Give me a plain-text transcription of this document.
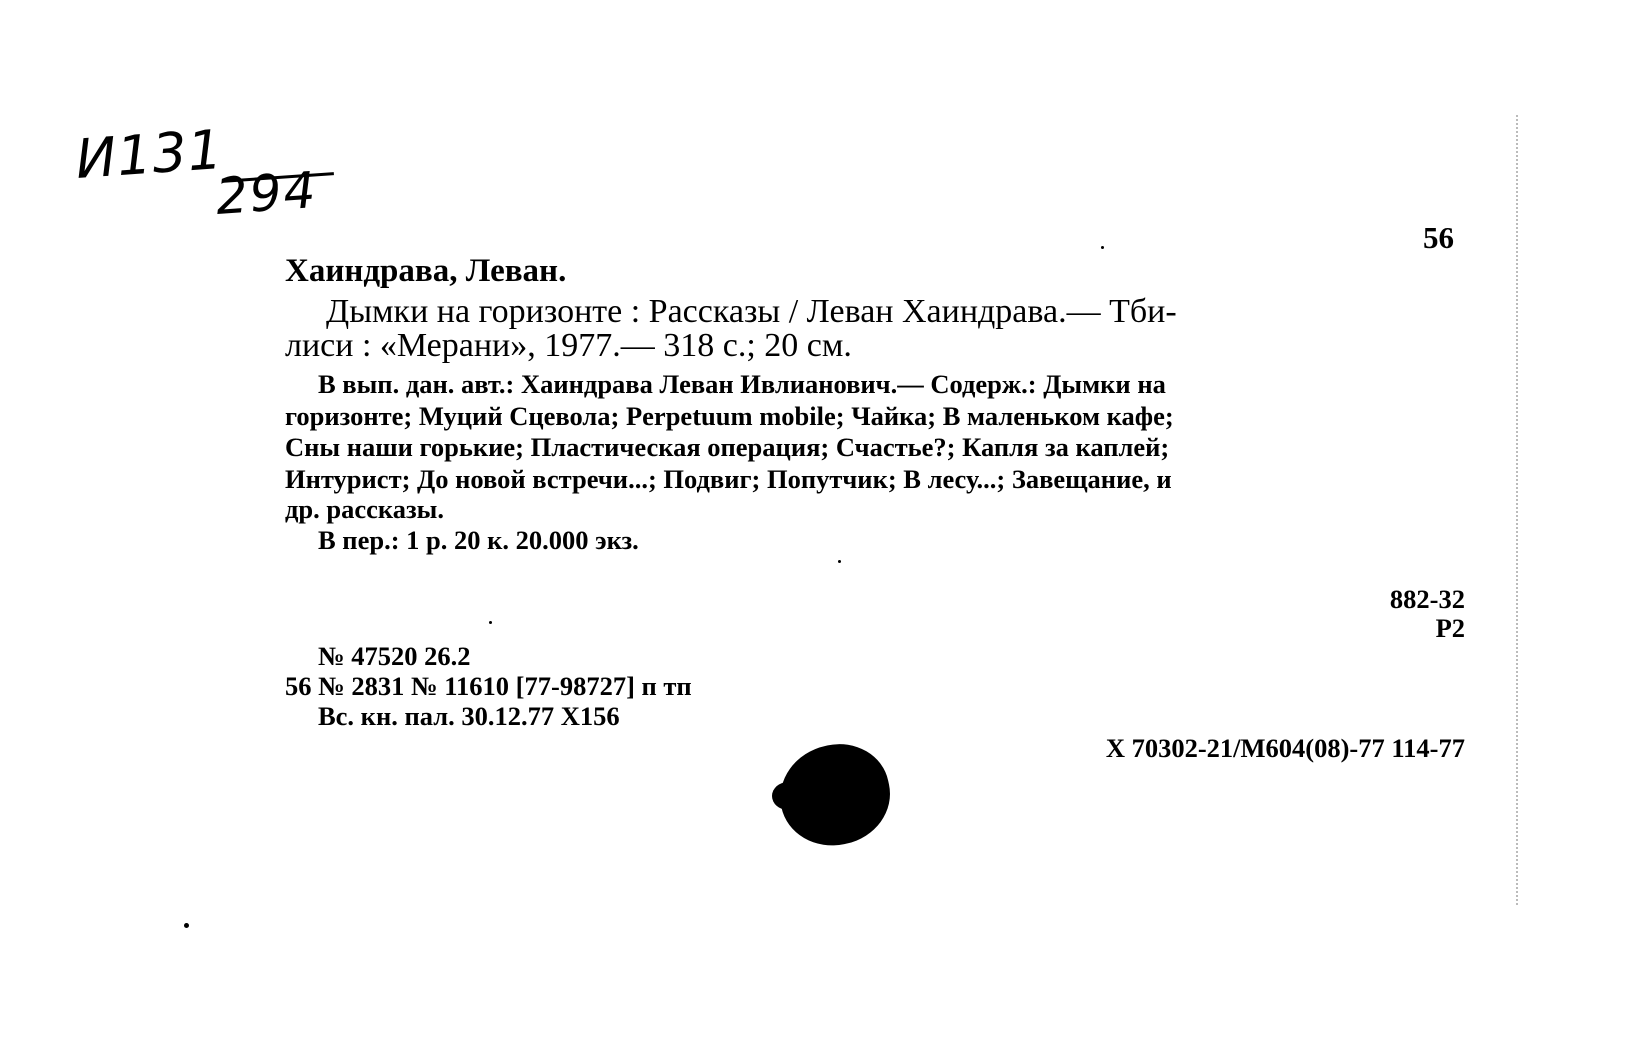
И131
294
56
Хаиндрава, Леван.
Дымки на горизонте : Рассказы / Леван Хаиндрава.— Тби-
лиси : «Мерани», 1977.— 318 с.; 20 см.
В вып. дан. авт.: Хаиндрава Леван Ивлианович.— Содерж.: Дымки на
горизонте; Муций Сцевола; Perpetuum mobile; Чайка; В маленьком кафе;
Сны наши горькие; Пластическая операция; Счастье?; Капля за каплей;
Интурист; До новой встречи...; Подвиг; Попутчик; В лесу...; Завещание, и
др. рассказы.
В пер.: 1 р. 20 к. 20.000 экз.
882-32
Р2
№ 47520 26.2
56 № 2831 № 11610 [77-98727] п тп
Вс. кн. пал. 30.12.77 X156
Х 70302-21/М604(08)-77 114-77
